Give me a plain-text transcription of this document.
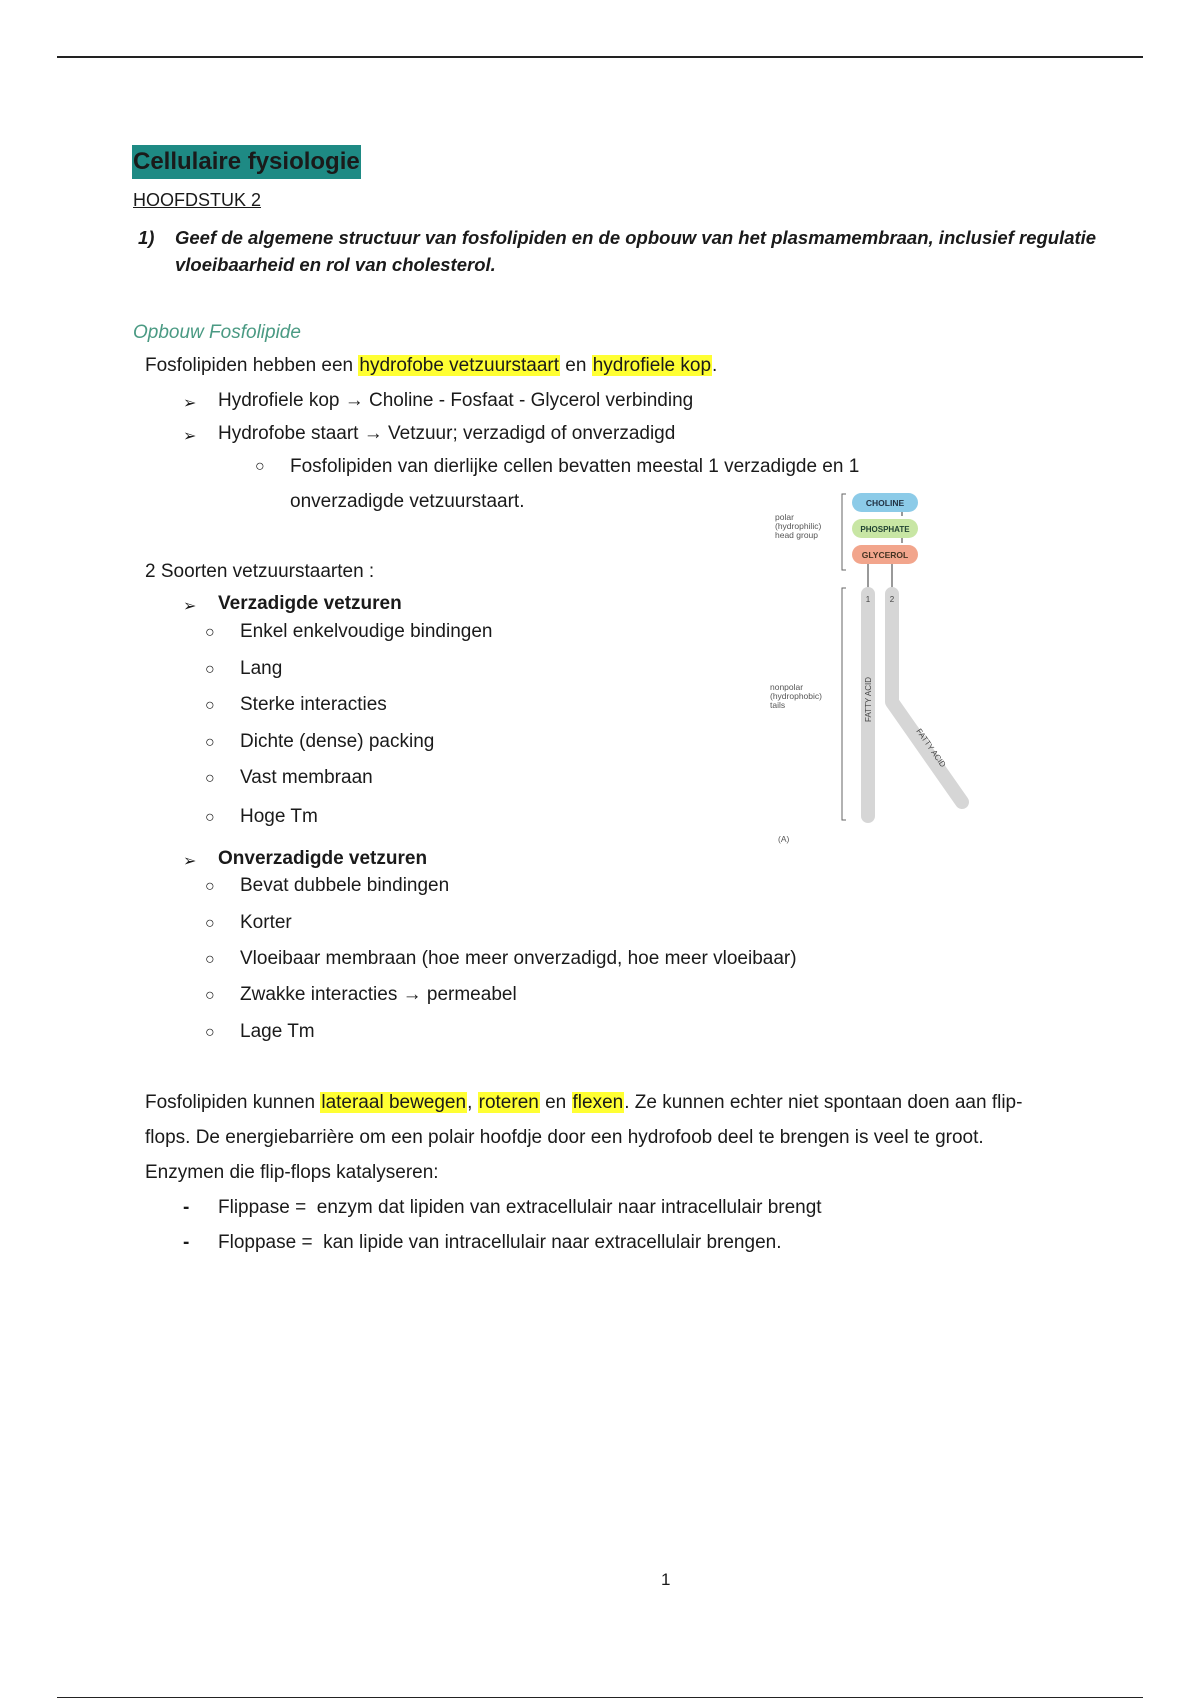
Cellulaire fysiologie
HOOFDSTUK 2
1) Geef de algemene structuur van fosfolipiden en de opbouw van het plasmamembraan, inclusief regulatie vloeibaarheid en rol van cholesterol.
Opbouw Fosfolipide
Fosfolipiden hebben een hydrofobe vetzuurstaart en hydrofiele kop.
➢ Hydrofiele kop → Choline - Fosfaat - Glycerol verbinding
➢ Hydrofobe staart → Vetzuur; verzadigd of onverzadigd
○ Fosfolipiden van dierlijke cellen bevatten meestal 1 verzadigde en 1
onverzadigde vetzuurstaart.
2 Soorten vetzuurstaarten :
➢ Verzadigde vetzuren
○ Enkel enkelvoudige bindingen
○ Lang
○ Sterke interacties
○ Dichte (dense) packing
○ Vast membraan
○ Hoge Tm
➢ Onverzadigde vetzuren
○ Bevat dubbele bindingen
○ Korter
○ Vloeibaar membraan (hoe meer onverzadigd, hoe meer vloeibaar)
○ Zwakke interacties → permeabel
○ Lage Tm
Fosfolipiden kunnen lateraal bewegen, roteren en flexen. Ze kunnen echter niet spontaan doen aan flip-
flops. De energiebarrière om een polair hoofdje door een hydrofoob deel te brengen is veel te groot.
Enzymen die flip-flops katalyseren:
- Flippase = enzym dat lipiden van extracellulair naar intracellulair brengt
- Floppase = kan lipide van intracellulair naar extracellulair brengen.
polar
(hydrophilic)
head group
nonpolar
(hydrophobic)
tails
CHOLINE
PHOSPHATE
GLYCEROL
1 2
FATTY ACID
FATTY ACID
(A)
1
